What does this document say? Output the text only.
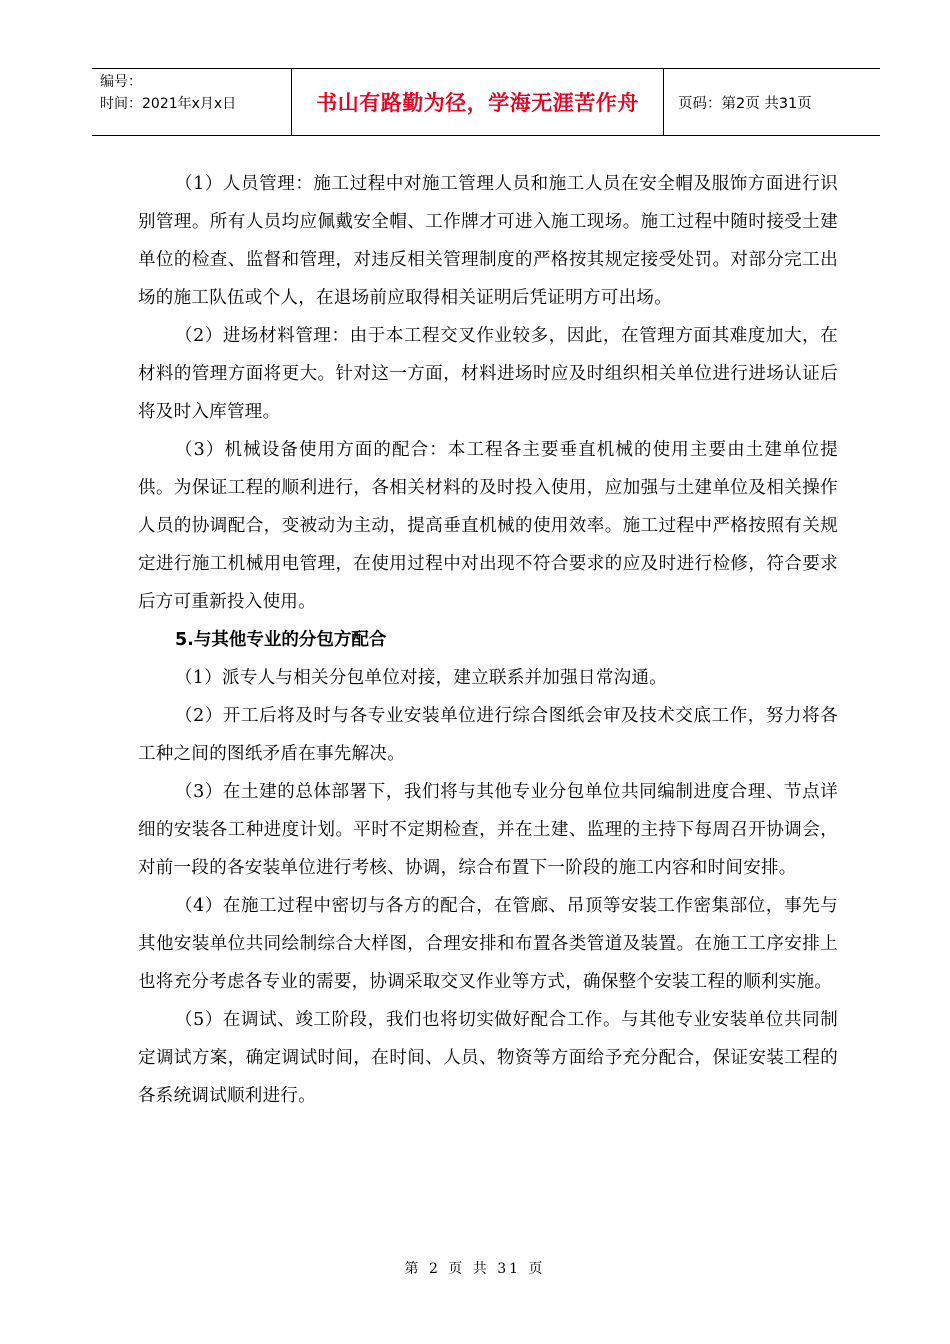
编号：
时间：2021年x月x日	书山有路勤为径，学海无涯苦作舟	页码：第2页 共31页

（1）人员管理：施工过程中对施工管理人员和施工人员在安全帽及服饰方面进行识别管理。所有人员均应佩戴安全帽、工作牌才可进入施工现场。施工过程中随时接受土建单位的检查、监督和管理，对违反相关管理制度的严格按其规定接受处罚。对部分完工出场的施工队伍或个人，在退场前应取得相关证明后凭证明方可出场。

（2）进场材料管理：由于本工程交叉作业较多，因此，在管理方面其难度加大，在材料的管理方面将更大。针对这一方面，材料进场时应及时组织相关单位进行进场认证后将及时入库管理。

（3）机械设备使用方面的配合：本工程各主要垂直机械的使用主要由土建单位提供。为保证工程的顺利进行，各相关材料的及时投入使用，应加强与土建单位及相关操作人员的协调配合，变被动为主动，提高垂直机械的使用效率。施工过程中严格按照有关规定进行施工机械用电管理，在使用过程中对出现不符合要求的应及时进行检修，符合要求后方可重新投入使用。

5.与其他专业的分包方配合

（1）派专人与相关分包单位对接，建立联系并加强日常沟通。

（2）开工后将及时与各专业安装单位进行综合图纸会审及技术交底工作，努力将各工种之间的图纸矛盾在事先解决。

（3）在土建的总体部署下，我们将与其他专业分包单位共同编制进度合理、节点详细的安装各工种进度计划。平时不定期检查，并在土建、监理的主持下每周召开协调会，对前一段的各安装单位进行考核、协调，综合布置下一阶段的施工内容和时间安排。

（4）在施工过程中密切与各方的配合，在管廊、吊顶等安装工作密集部位，事先与其他安装单位共同绘制综合大样图，合理安排和布置各类管道及装置。在施工工序安排上也将充分考虑各专业的需要，协调采取交叉作业等方式，确保整个安装工程的顺利实施。

（5）在调试、竣工阶段，我们也将切实做好配合工作。与其他专业安装单位共同制定调试方案，确定调试时间，在时间、人员、物资等方面给予充分配合，保证安装工程的各系统调试顺利进行。

第 2 页 共 31 页
